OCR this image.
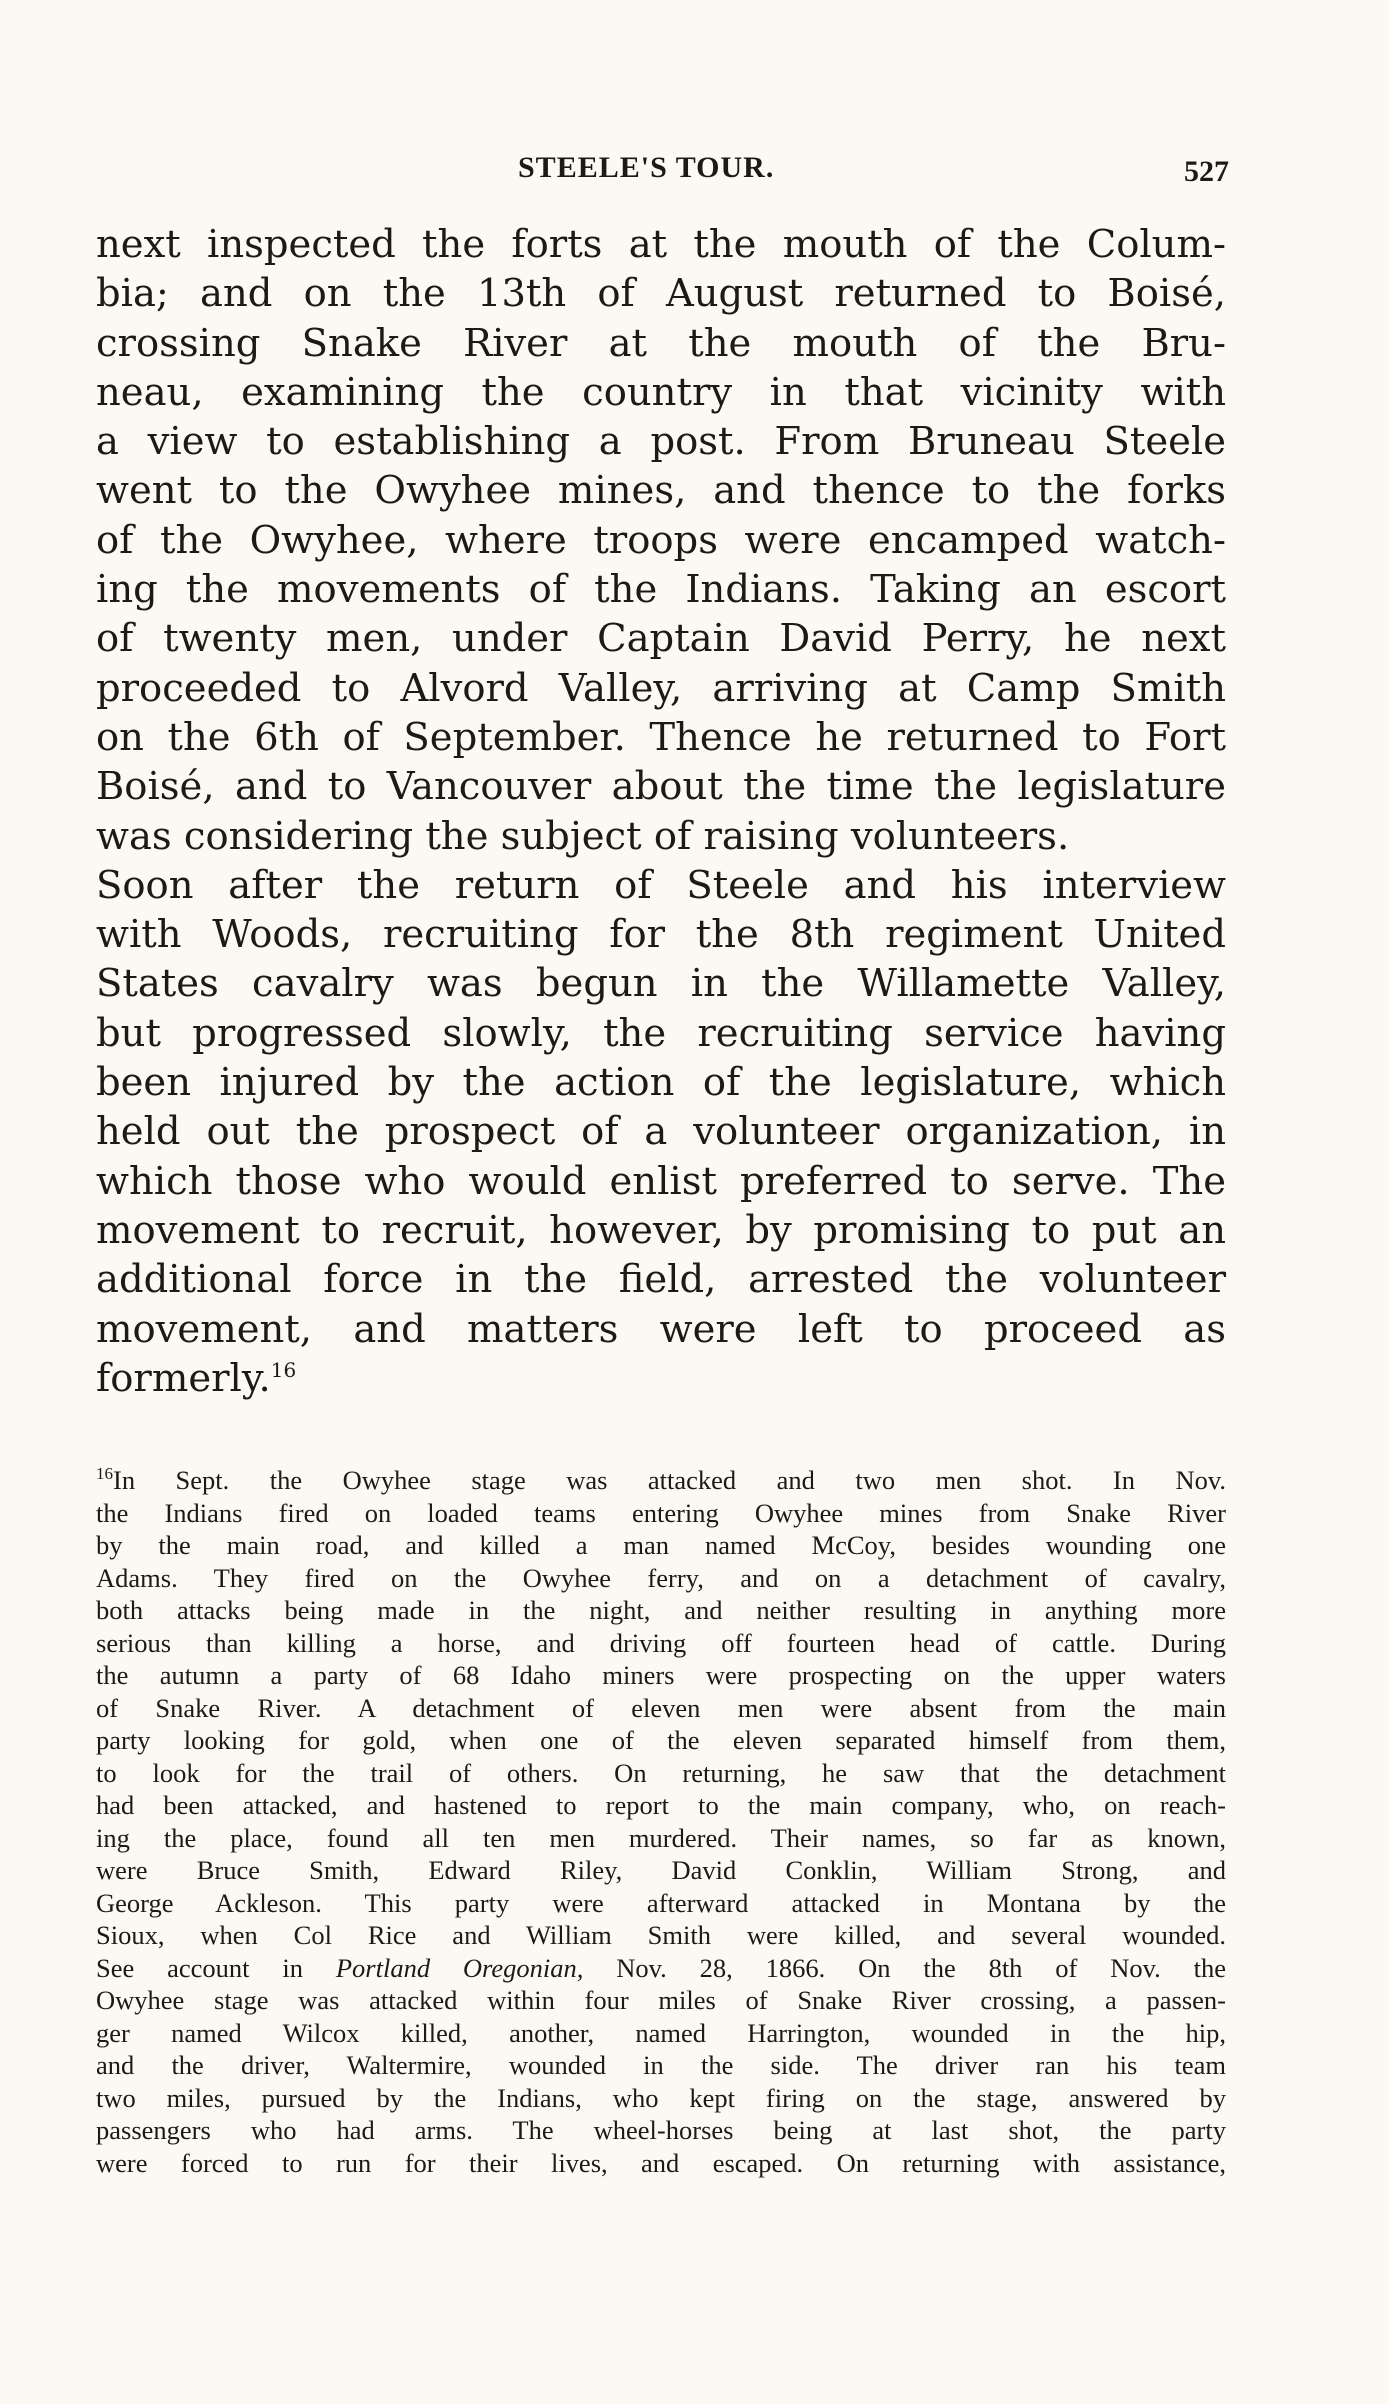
STEELE'S TOUR.	527

next inspected the forts at the mouth of the Colum-
bia; and on the 13th of August returned to Boisé,
crossing Snake River at the mouth of the Bru-
neau, examining the country in that vicinity with
a view to establishing a post. From Bruneau Steele
went to the Owyhee mines, and thence to the forks
of the Owyhee, where troops were encamped watch-
ing the movements of the Indians. Taking an escort
of twenty men, under Captain David Perry, he next
proceeded to Alvord Valley, arriving at Camp Smith
on the 6th of September. Thence he returned to Fort
Boisé, and to Vancouver about the time the legislature
was considering the subject of raising volunteers.

Soon after the return of Steele and his interview
with Woods, recruiting for the 8th regiment United
States cavalry was begun in the Willamette Valley,
but progressed slowly, the recruiting service having
been injured by the action of the legislature, which
held out the prospect of a volunteer organization, in
which those who would enlist preferred to serve. The
movement to recruit, however, by promising to put an
additional force in the field, arrested the volunteer
movement, and matters were left to proceed as
formerly.$^{16}$

$^{16}$In Sept. the Owyhee stage was attacked and two men shot. In Nov.
the Indians fired on loaded teams entering Owyhee mines from Snake River
by the main road, and killed a man named McCoy, besides wounding one
Adams. They fired on the Owyhee ferry, and on a detachment of cavalry,
both attacks being made in the night, and neither resulting in anything more
serious than killing a horse, and driving off fourteen head of cattle. During
the autumn a party of 68 Idaho miners were prospecting on the upper waters
of Snake River. A detachment of eleven men were absent from the main
party looking for gold, when one of the eleven separated himself from them,
to look for the trail of others. On returning, he saw that the detachment
had been attacked, and hastened to report to the main company, who, on reach-
ing the place, found all ten men murdered. Their names, so far as known,
were Bruce Smith, Edward Riley, David Conklin, William Strong, and
George Ackleson. This party were afterward attacked in Montana by the
Sioux, when Col Rice and William Smith were killed, and several wounded.
See account in Portland Oregonian, Nov. 28, 1866. On the 8th of Nov. the
Owyhee stage was attacked within four miles of Snake River crossing, a passen-
ger named Wilcox killed, another, named Harrington, wounded in the hip,
and the driver, Waltermire, wounded in the side. The driver ran his team
two miles, pursued by the Indians, who kept firing on the stage, answered by
passengers who had arms. The wheel-horses being at last shot, the party
were forced to run for their lives, and escaped. On returning with assistance,
